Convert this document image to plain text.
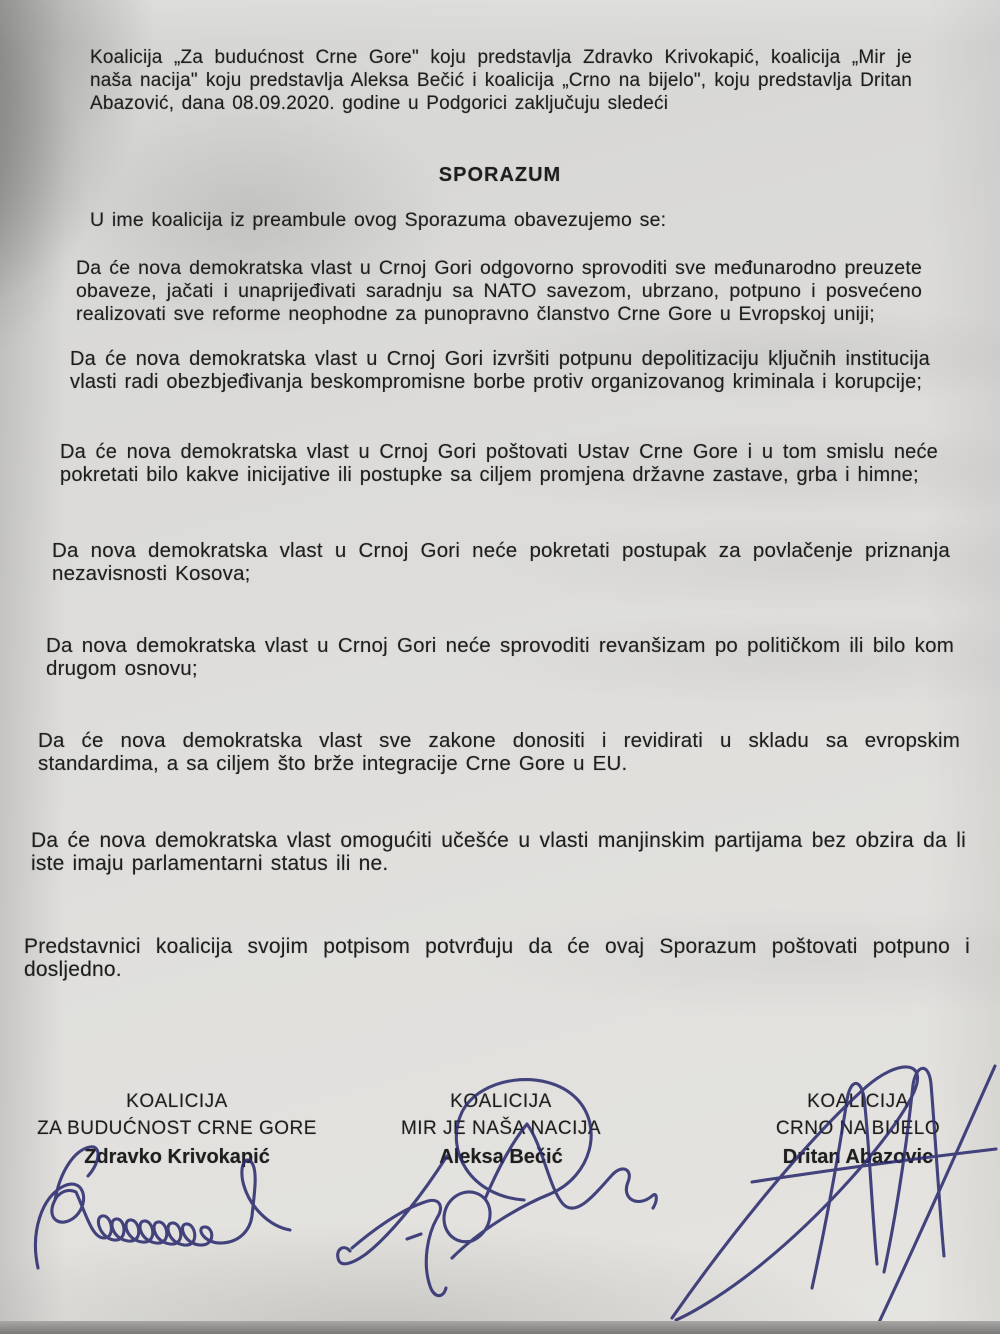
Koalicija „Za budućnost Crne Gore" koju predstavlja Zdravko Krivokapić, koalicija „Mir je naša nacija" koju predstavlja Aleksa Bečić i koalicija „Crno na bijelo", koju predstavlja Dritan Abazović, dana 08.09.2020. godine u Podgorici zaključuju sledeći

SPORAZUM

U ime koalicija iz preambule ovog Sporazuma obavezujemo se:

Da će nova demokratska vlast u Crnoj Gori odgovorno sprovoditi sve međunarodno preuzete obaveze, jačati i unaprijeđivati saradnju sa NATO savezom, ubrzano, potpuno i posvećeno realizovati sve reforme neophodne za punopravno članstvo Crne Gore u Evropskoj uniji;

Da će nova demokratska vlast u Crnoj Gori izvršiti potpunu depolitizaciju ključnih institucija vlasti radi obezbjeđivanja beskompromisne borbe protiv organizovanog kriminala i korupcije;

Da će nova demokratska vlast u Crnoj Gori poštovati Ustav Crne Gore i u tom smislu neće pokretati bilo kakve inicijative ili postupke sa ciljem promjena državne zastave, grba i himne;

Da nova demokratska vlast u Crnoj Gori neće pokretati postupak za povlačenje priznanja nezavisnosti Kosova;

Da nova demokratska vlast u Crnoj Gori neće sprovoditi revanšizam po političkom ili bilo kom drugom osnovu;

Da će nova demokratska vlast sve zakone donositi i revidirati u skladu sa evropskim standardima, a sa ciljem što brže integracije Crne Gore u EU.

Da će nova demokratska vlast omogućiti učešće u vlasti manjinskim partijama bez obzira da li iste imaju parlamentarni status ili ne.

Predstavnici koalicija svojim potpisom potvrđuju da će ovaj Sporazum poštovati potpuno i dosljedno.

KOALICIJA
ZA BUDUĆNOST CRNE GORE
Zdravko Krivokapić
KOALICIJA
MIR JE NAŠA NACIJA
Aleksa Bečić
KOALICIJA
CRNO NA BIJELO
Dritan Abazovic
